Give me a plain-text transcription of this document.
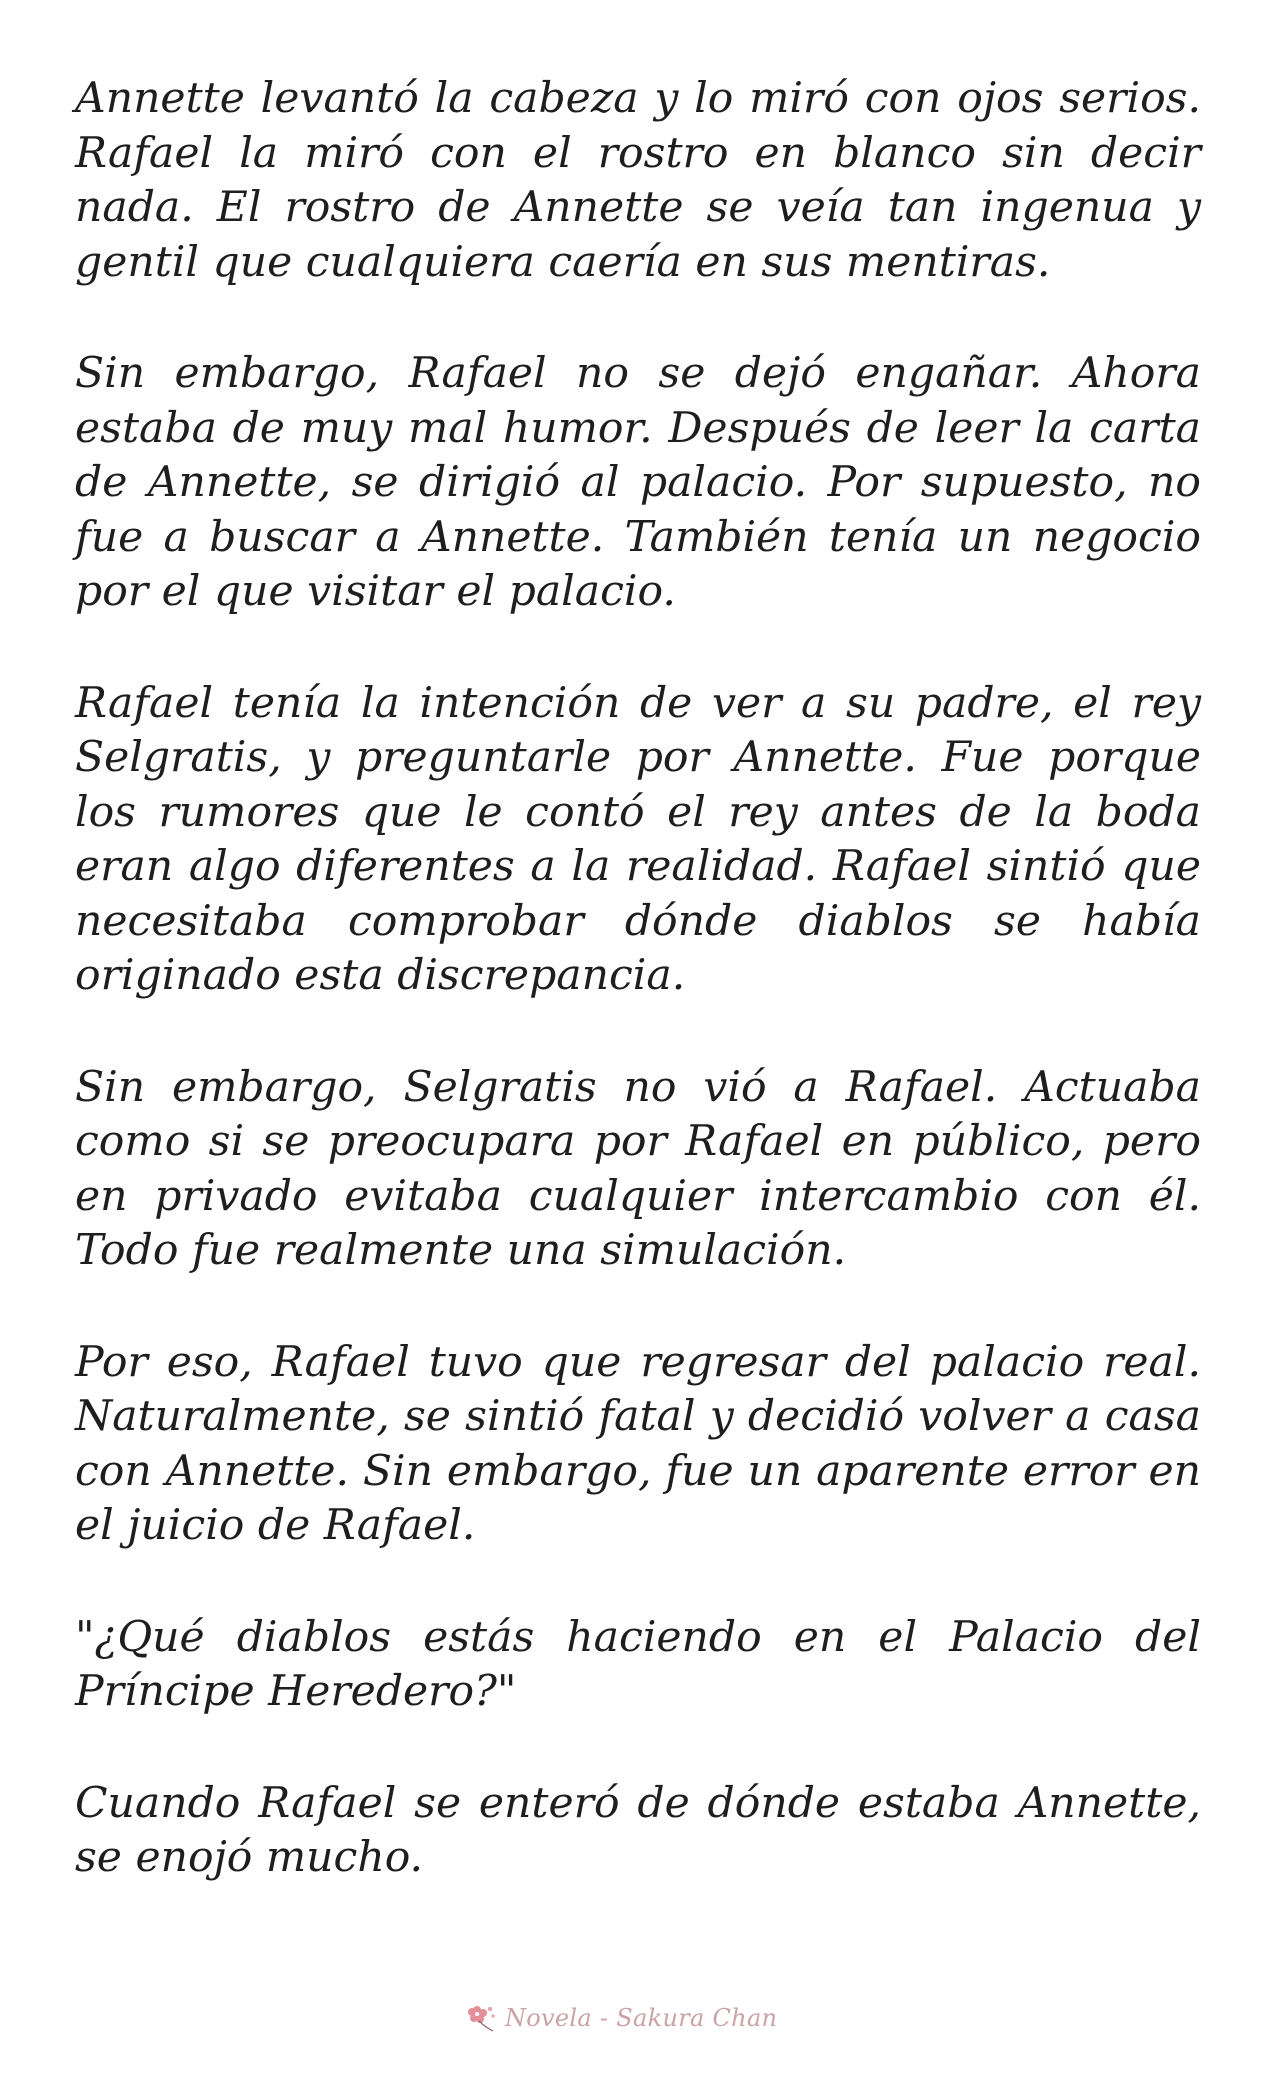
Annette levantó la cabeza y lo miró con ojos serios. Rafael la miró con el rostro en blanco sin decir nada. El rostro de Annette se veía tan ingenua y gentil que cualquiera caería en sus mentiras.

Sin embargo, Rafael no se dejó engañar. Ahora estaba de muy mal humor. Después de leer la carta de Annette, se dirigió al palacio. Por supuesto, no fue a buscar a Annette. También tenía un negocio por el que visitar el palacio.

Rafael tenía la intención de ver a su padre, el rey Selgratis, y preguntarle por Annette. Fue porque los rumores que le contó el rey antes de la boda eran algo diferentes a la realidad. Rafael sintió que necesitaba comprobar dónde diablos se había originado esta discrepancia.

Sin embargo, Selgratis no vió a Rafael. Actuaba como si se preocupara por Rafael en público, pero en privado evitaba cualquier intercambio con él. Todo fue realmente una simulación.

Por eso, Rafael tuvo que regresar del palacio real. Naturalmente, se sintió fatal y decidió volver a casa con Annette. Sin embargo, fue un aparente error en el juicio de Rafael.

"¿Qué diablos estás haciendo en el Palacio del Príncipe Heredero?"

Cuando Rafael se enteró de dónde estaba Annette, se enojó mucho.

Novela - Sakura Chan
